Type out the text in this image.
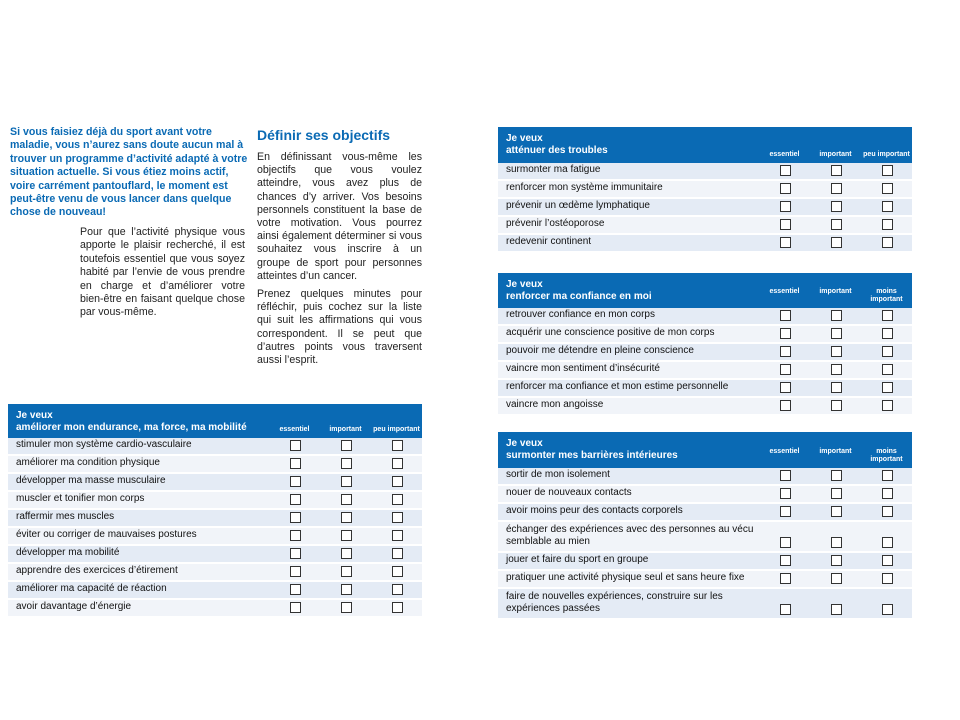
Si vous faisiez déjà du sport avant votre maladie, vous n’aurez sans doute aucun mal à trouver un programme d’activité adapté à votre situation actuelle. Si vous étiez moins actif, voire carrément pantouflard, le moment est peut-être venu de vous lancer dans quelque chose de nouveau!

Pour que l’activité physique vous apporte le plaisir recherché, il est toutefois essentiel que vous soyez habité par l’envie de vous prendre en charge et d’améliorer votre bien-être en faisant quelque chose par vous-même.

Définir ses objectifs

En définissant vous-même les objectifs que vous voulez atteindre, vous avez plus de chances d’y arriver. Vos besoins personnels constituent la base de votre motivation. Vous pourrez ainsi également déterminer si vous souhaitez vous inscrire à un groupe de sport pour personnes atteintes d’un cancer.

Prenez quelques minutes pour réfléchir, puis cochez sur la liste qui suit les affirmations qui vous correspondent. Il se peut que d’autres points vous traversent aussi l’esprit.

Je veux
améliorer mon endurance, ma force, ma mobilité	essentiel	important	peu important
stimuler mon système cardio-vasculaire
améliorer ma condition physique
développer ma masse musculaire
muscler et tonifier mon corps
raffermir mes muscles
éviter ou corriger de mauvaises postures
développer ma mobilité
apprendre des exercices d’étirement
améliorer ma capacité de réaction
avoir davantage d’énergie
Je veux
atténuer des troubles	essentiel	important	peu important
surmonter ma fatigue
renforcer mon système immunitaire
prévenir un œdème lymphatique
prévenir l’ostéoporose
redevenir continent
Je veux
renforcer ma confiance en moi	essentiel	important	moins important
retrouver confiance en mon corps
acquérir une conscience positive de mon corps
pouvoir me détendre en pleine conscience
vaincre mon sentiment d’insécurité
renforcer ma confiance et mon estime personnelle
vaincre mon angoisse
Je veux
surmonter mes barrières intérieures	essentiel	important	moins important
sortir de mon isolement
nouer de nouveaux contacts
avoir moins peur des contacts corporels
échanger des expériences avec des personnes au vécu semblable au mien
jouer et faire du sport en groupe
pratiquer une activité physique seul et sans heure fixe
faire de nouvelles expériences, construire sur les expériences passées
